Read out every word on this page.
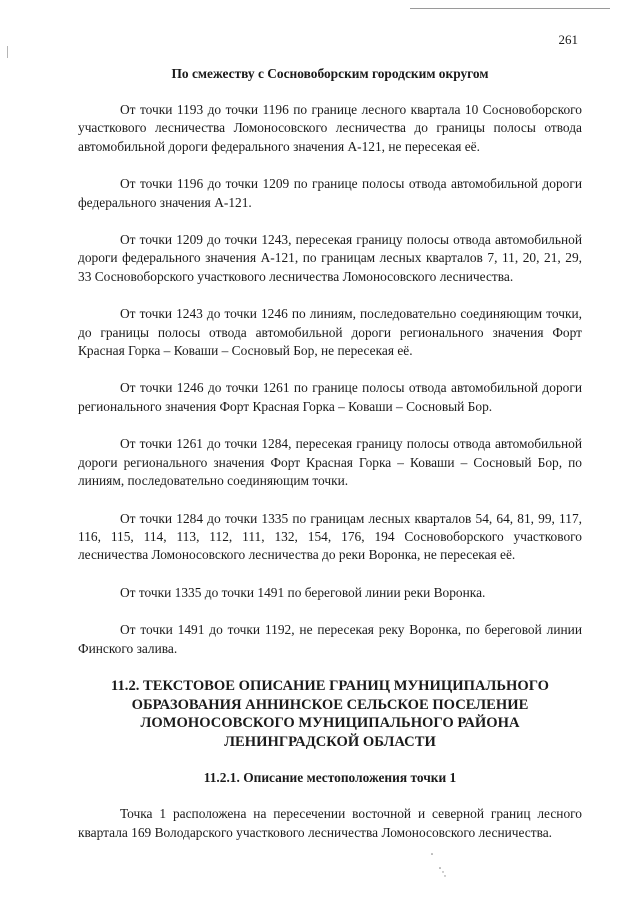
261
По смежеству с Сосновоборским городским округом

От точки 1193 до точки 1196 по границе лесного квартала 10 Сосновоборского участкового лесничества Ломоносовского лесничества до границы полосы отвода автомобильной дороги федерального значения А-121, не пересекая её.

От точки 1196 до точки 1209 по границе полосы отвода автомобильной дороги федерального значения А-121.

От точки 1209 до точки 1243, пересекая границу полосы отвода автомобильной дороги федерального значения А-121, по границам лесных кварталов 7, 11, 20, 21, 29, 33 Сосновоборского участкового лесничества Ломоносовского лесничества.

От точки 1243 до точки 1246 по линиям, последовательно соединяющим точки, до границы полосы отвода автомобильной дороги регионального значения Форт Красная Горка – Коваши – Сосновый Бор, не пересекая её.

От точки 1246 до точки 1261 по границе полосы отвода автомобильной дороги регионального значения Форт Красная Горка – Коваши – Сосновый Бор.

От точки 1261 до точки 1284, пересекая границу полосы отвода автомобильной дороги регионального значения Форт Красная Горка – Коваши – Сосновый Бор, по линиям, последовательно соединяющим точки.

От точки 1284 до точки 1335 по границам лесных кварталов 54, 64, 81, 99, 117, 116, 115, 114, 113, 112, 111, 132, 154, 176, 194 Сосновоборского участкового лесничества Ломоносовского лесничества до реки Воронка, не пересекая её.

От точки 1335 до точки 1491 по береговой линии реки Воронка.

От точки 1491 до точки 1192, не пересекая реку Воронка, по береговой линии Финского залива.

11.2. ТЕКСТОВОЕ ОПИСАНИЕ ГРАНИЦ МУНИЦИПАЛЬНОГО
ОБРАЗОВАНИЯ АННИНСКОЕ СЕЛЬСКОЕ ПОСЕЛЕНИЕ
ЛОМОНОСОВСКОГО МУНИЦИПАЛЬНОГО РАЙОНА
ЛЕНИНГРАДСКОЙ ОБЛАСТИ
11.2.1. Описание местоположения точки 1

Точка 1 расположена на пересечении восточной и северной границ лесного квартала 169 Володарского участкового лесничества Ломоносовского лесничества.
